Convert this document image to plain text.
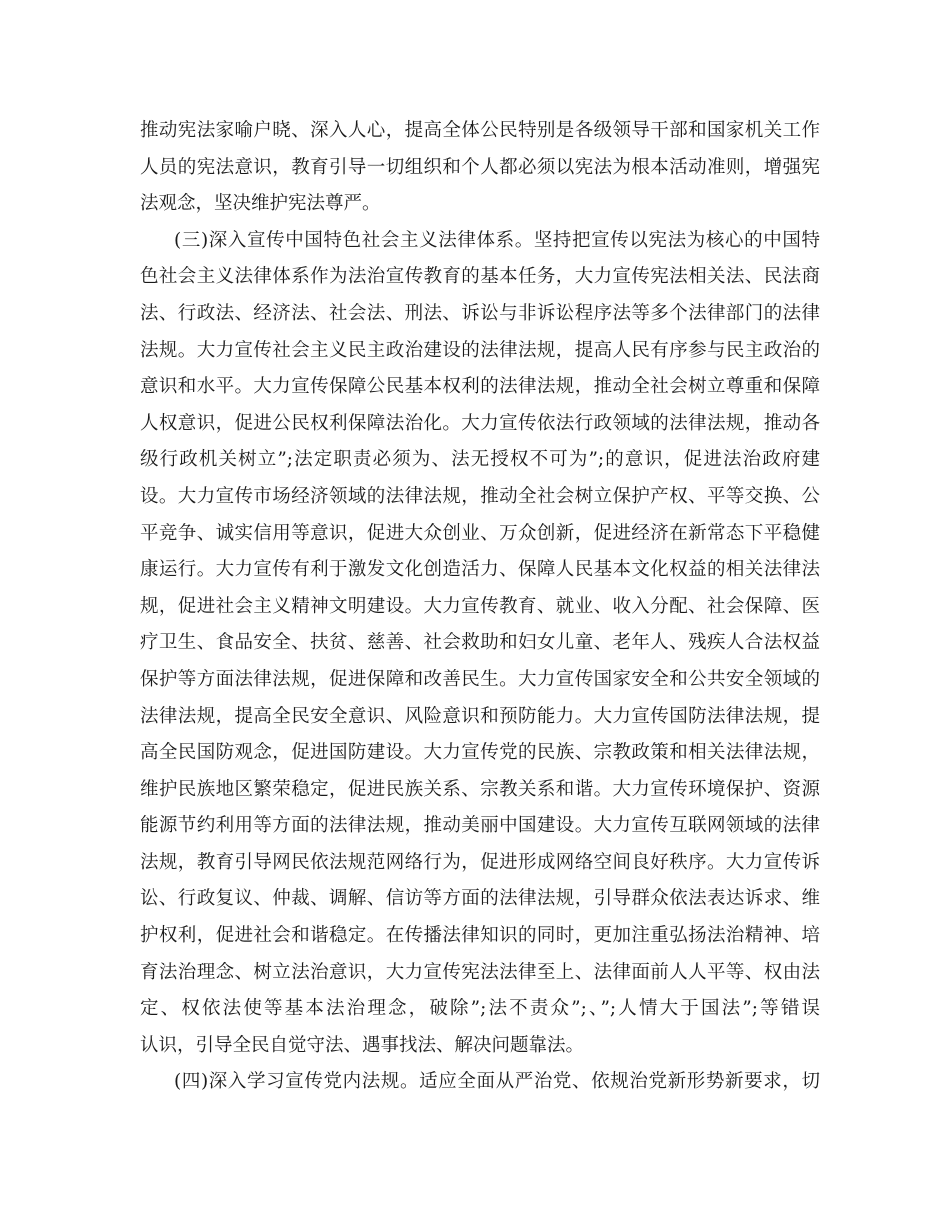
推动宪法家喻户晓、深入人心，提高全体公民特别是各级领导干部和国家机关工作
人员的宪法意识，教育引导一切组织和个人都必须以宪法为根本活动准则，增强宪
法观念，坚决维护宪法尊严。
(三)深入宣传中国特色社会主义法律体系。坚持把宣传以宪法为核心的中国特
色社会主义法律体系作为法治宣传教育的基本任务，大力宣传宪法相关法、民法商
法、行政法、经济法、社会法、刑法、诉讼与非诉讼程序法等多个法律部门的法律
法规。大力宣传社会主义民主政治建设的法律法规，提高人民有序参与民主政治的
意识和水平。大力宣传保障公民基本权利的法律法规，推动全社会树立尊重和保障
人权意识，促进公民权利保障法治化。大力宣传依法行政领域的法律法规，推动各
级行政机关树立”;法定职责必须为、法无授权不可为”;的意识，促进法治政府建
设。大力宣传市场经济领域的法律法规，推动全社会树立保护产权、平等交换、公
平竞争、诚实信用等意识，促进大众创业、万众创新，促进经济在新常态下平稳健
康运行。大力宣传有利于激发文化创造活力、保障人民基本文化权益的相关法律法
规，促进社会主义精神文明建设。大力宣传教育、就业、收入分配、社会保障、医
疗卫生、食品安全、扶贫、慈善、社会救助和妇女儿童、老年人、残疾人合法权益
保护等方面法律法规，促进保障和改善民生。大力宣传国家安全和公共安全领域的
法律法规，提高全民安全意识、风险意识和预防能力。大力宣传国防法律法规，提
高全民国防观念，促进国防建设。大力宣传党的民族、宗教政策和相关法律法规，
维护民族地区繁荣稳定，促进民族关系、宗教关系和谐。大力宣传环境保护、资源
能源节约利用等方面的法律法规，推动美丽中国建设。大力宣传互联网领域的法律
法规，教育引导网民依法规范网络行为，促进形成网络空间良好秩序。大力宣传诉
讼、行政复议、仲裁、调解、信访等方面的法律法规，引导群众依法表达诉求、维
护权利，促进社会和谐稳定。在传播法律知识的同时，更加注重弘扬法治精神、培
育法治理念、树立法治意识，大力宣传宪法法律至上、法律面前人人平等、权由法
定、权依法使等基本法治理念，破除”;法不责众”;、”;人情大于国法”;等错误
认识，引导全民自觉守法、遇事找法、解决问题靠法。
(四)深入学习宣传党内法规。适应全面从严治党、依规治党新形势新要求，切
